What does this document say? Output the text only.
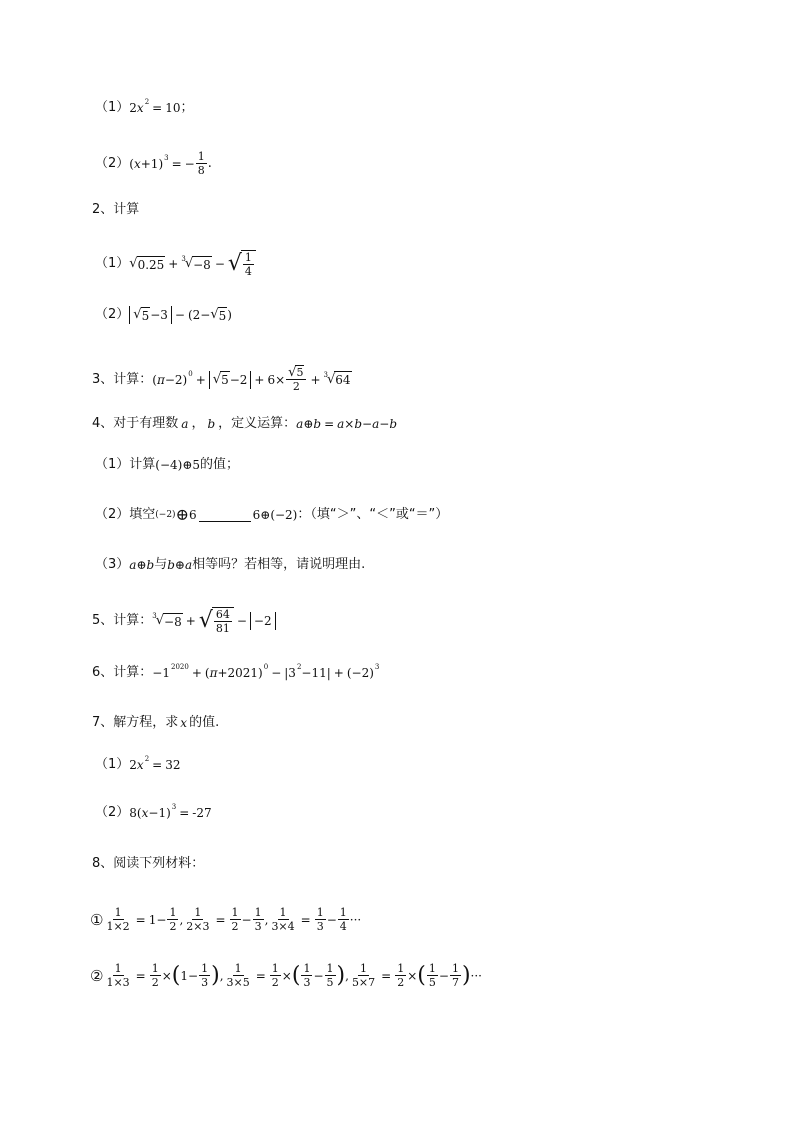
（1） 2 x 2 = 10 ；
（2） ( x +1) 3 = − $\frac{1}{8}$ .
2、计算
（1） √ 0.25 + 3 √ −8 − √ $\frac{1}{4}$
（2） √ 5 −3 − (2− √ 5 )
3、计算： ( π −2) 0 + √ $5 -2 + 6\times \frac{√5}{2} + 3$ √ 64
4、对于有理数 a ， b ，定义运算： a ⊕ b = a × b − a − b
（1）计算 (−4)⊕5 的值；
（2）填空 (−2) ⊕ 6	6⊕(−2) ：（填“＞”、“＜”或“＝”）
（3） a ⊕ b 与 b ⊕ a 相等吗？若相等，请说明理由.
5、计算： 3 √ −8 + √ $\frac{64}{81} - -2$
6、计算： −1 2020 + ( π +2021) 0 − |3 2 −11| + (−2) 3
7、解方程，求 x 的值.
（1） 2 x 2 = 32
（2） 8( x −1) 3 = -27
8、阅读下列材料：
① $\frac{1}{1\times 2} = 1- \frac{1}{2}$ , $\frac{1}{2\times 3} = \frac{1}{2} - \frac{1}{3}$ , $\frac{1}{3\times 4} = \frac{1}{3} - \frac{1}{4}$ ···
② $\frac{1}{1\times 3} = \frac{1}{2}$ × ( $1- \frac{1}{3}$ ) , $\frac{1}{3\times 5} = \frac{1}{2}$ × ( $\frac{1}{3} - \frac{1}{5}$ ) , $\frac{1}{5\times 7} = \frac{1}{2}$ × ( $\frac{1}{5} - \frac{1}{7}$ ) ···
